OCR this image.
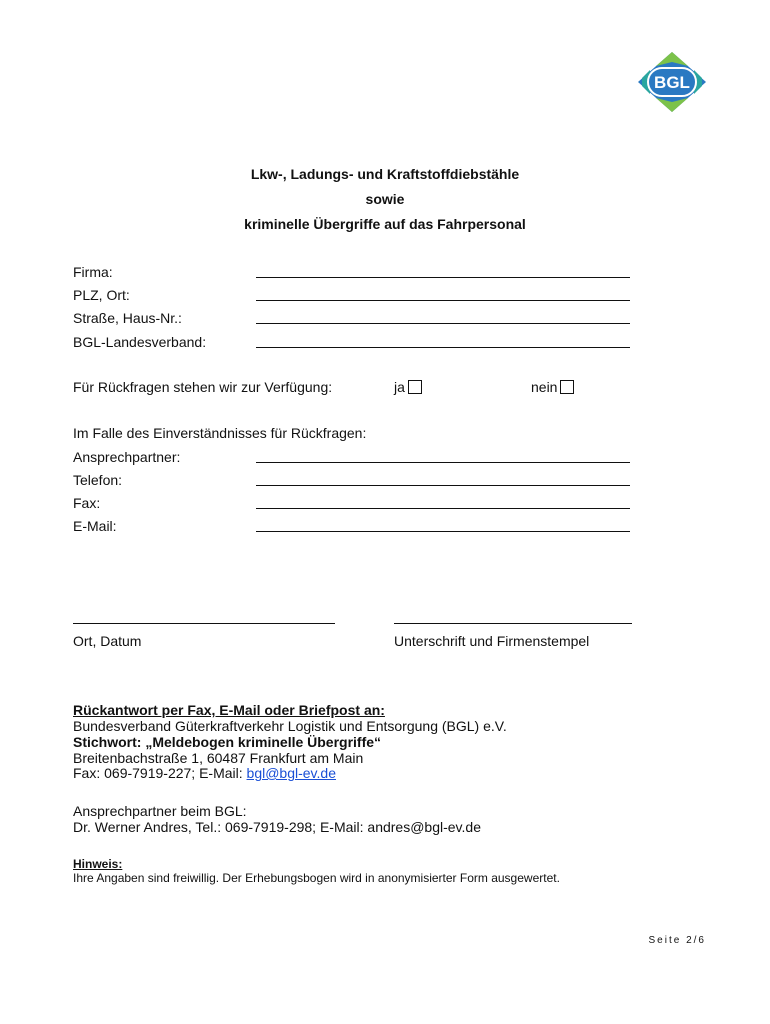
BGL
Lkw-, Ladungs- und Kraftstoffdiebstähle
sowie
kriminelle Übergriffe auf das Fahrpersonal
Firma:
PLZ, Ort:
Straße, Haus-Nr.:
BGL-Landesverband:
Für Rückfragen stehen wir zur Verfügung:	ja	nein
Im Falle des Einverständnisses für Rückfragen:
Ansprechpartner:
Telefon:
Fax:
E-Mail:
Ort, Datum	Unterschrift und Firmenstempel
Rückantwort per Fax, E-Mail oder Briefpost an:
Bundesverband Güterkraftverkehr Logistik und Entsorgung (BGL) e.V.
Stichwort: „Meldebogen kriminelle Übergriffe“
Breitenbachstraße 1, 60487 Frankfurt am Main
Fax: 069-7919-227; E-Mail: bgl@bgl-ev.de
Ansprechpartner beim BGL:
Dr. Werner Andres, Tel.: 069-7919-298; E-Mail: andres@bgl-ev.de
Hinweis:
Ihre Angaben sind freiwillig. Der Erhebungsbogen wird in anonymisierter Form ausgewertet.
Seite 2/6
